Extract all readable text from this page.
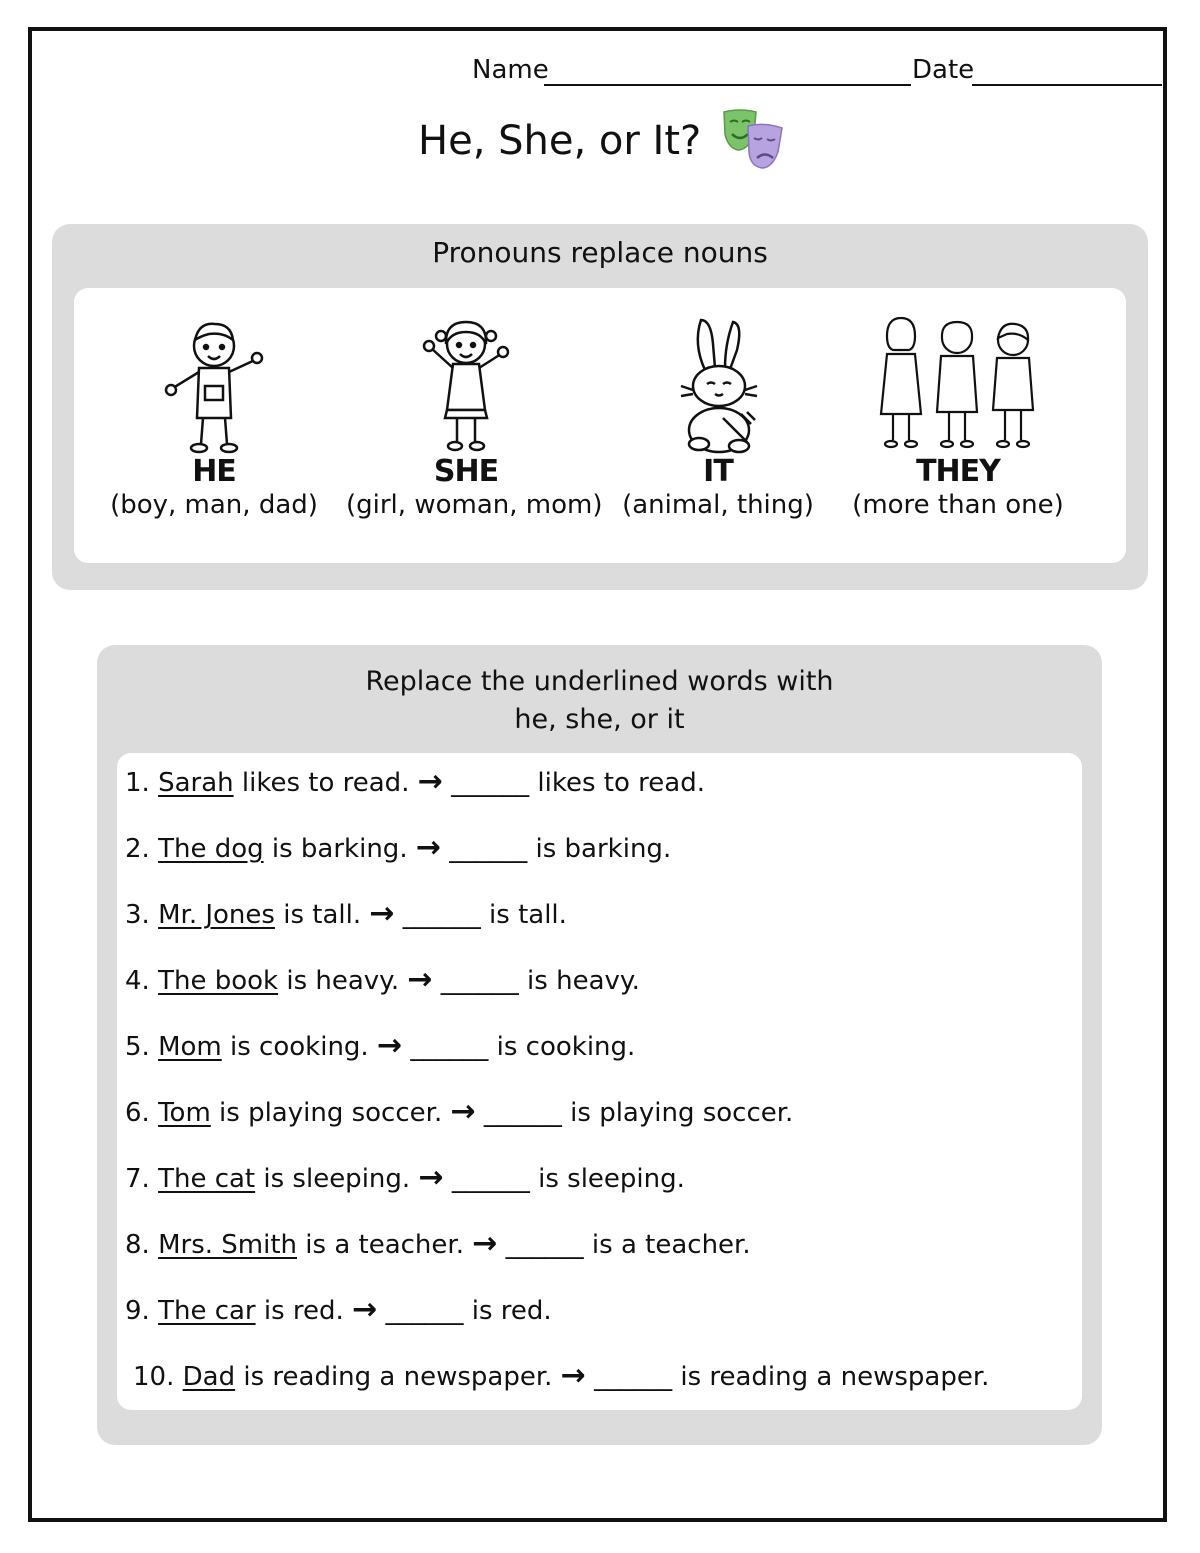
Name	Date
He, She, or It?
Pronouns replace nouns
HE
(boy, man, dad)
SHE
(girl, woman, mom)
IT
(animal, thing)
THEY
(more than one)
Replace the underlined words with
he, she, or it
1. Sarah likes to read. → ______ likes to read.
2. The dog is barking. → ______ is barking.
3. Mr. Jones is tall. → ______ is tall.
4. The book is heavy. → ______ is heavy.
5. Mom is cooking. → ______ is cooking.
6. Tom is playing soccer. → ______ is playing soccer.
7. The cat is sleeping. → ______ is sleeping.
8. Mrs. Smith is a teacher. → ______ is a teacher.
9. The car is red. → ______ is red.
10. Dad is reading a newspaper. → ______ is reading a newspaper.
